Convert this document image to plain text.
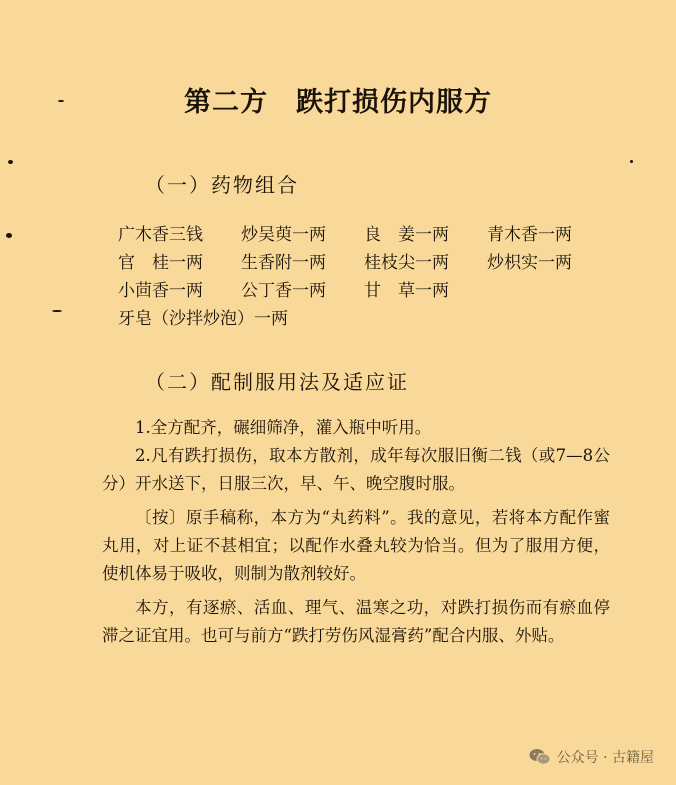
第二方　跌打损伤内服方
（一）药物组合
广木香三钱	炒吴萸一两	良　姜一两	青木香一两
官　桂一两	生香附一两	桂枝尖一两	炒枳实一两
小茴香一两	公丁香一两	甘　草一两
牙皂（沙拌炒泡）一两
（二）配制服用法及适应证

1.全方配齐，碾细筛净，灌入瓶中听用。

2.凡有跌打损伤，取本方散剂，成年每次服旧衡二钱（或7—8公分）开水送下，日服三次，早、午、晚空腹时服。

〔按〕原手稿称，本方为“丸药料”。我的意见，若将本方配作蜜丸用，对上证不甚相宜；以配作水叠丸较为恰当。但为了服用方便，使机体易于吸收，则制为散剂较好。

本方，有逐瘀、活血、理气、温寒之功，对跌打损伤而有瘀血停滞之证宜用。也可与前方“跌打劳伤风湿膏药”配合内服、外贴。

公众号 · 古籍屋
